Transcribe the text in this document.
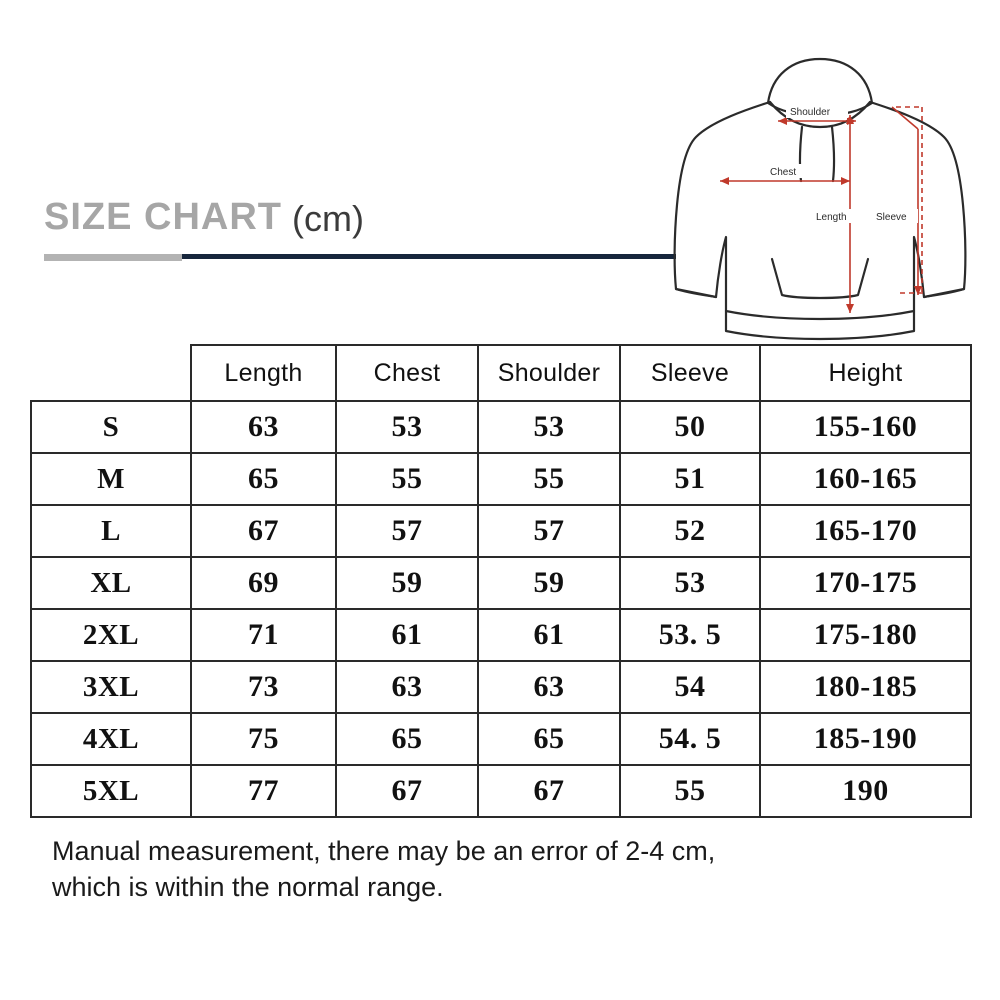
SIZE CHART (cm)
Shoulder
Chest
Length	Sleeve
	Length	Chest	Shoulder	Sleeve	Height
S	63	53	53	50	155-160
M	65	55	55	51	160-165
L	67	57	57	52	165-170
XL	69	59	59	53	170-175
2XL	71	61	61	53. 5	175-180
3XL	73	63	63	54	180-185
4XL	75	65	65	54. 5	185-190
5XL	77	67	67	55	190
Manual measurement, there may be an error of 2-4 cm,
which is within the normal range.
